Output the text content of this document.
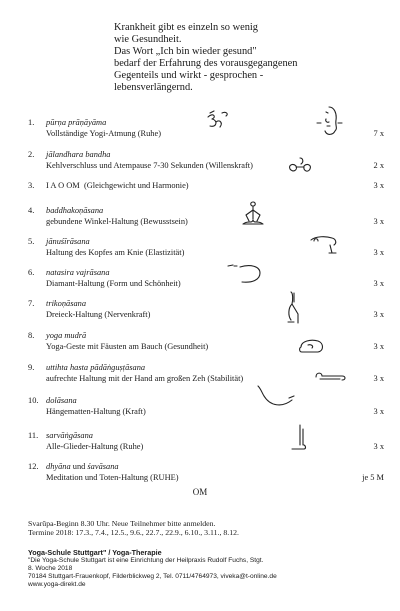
Krankheit gibt es einzeln so wenig
wie Gesundheit.
Das Wort „Ich bin wieder gesund"
bedarf der Erfahrung des vorausgegangenen
Gegenteils und wirkt - gesprochen -
lebensverlängernd.
1. pūrṇa prāṇāyāma
Vollständige Yogi-Atmung (Ruhe)	7 x
2. jālandhara bandha
Kehlverschluss und Atempause 7-30 Sekunden (Willenskraft)	2 x
3. I A O OM (Gleichgewicht und Harmonie)	3 x
4. baddhakoṇāsana
gebundene Winkel-Haltung (Bewusstsein)	3 x
5. jānuśīrāsana
Haltung des Kopfes am Knie (Elastizität)	3 x
6. natasira vajrāsana
Diamant-Haltung (Form und Schönheit)	3 x
7. trikoṇāsana
Dreieck-Haltung (Nervenkraft)	3 x
8. yoga mudrā
Yoga-Geste mit Fäusten am Bauch (Gesundheit)	3 x
9. uttihta hasta pādāṅguṣṭāsana
aufrechte Haltung mit der Hand am großen Zeh (Stabilität)	3 x
10. dolāsana
Hängematten-Haltung (Kraft)	3 x
11. sarvāṅgāsana
Alle-Glieder-Haltung (Ruhe)	3 x
12. dhyāna und śavāsana
Meditation und Toten-Haltung (RUHE)	je 5 M
OM
Svarūpa-Beginn 8.30 Uhr. Neue Teilnehmer bitte anmelden.
Termine 2018: 17.3., 7.4., 12.5., 9.6., 22.7., 22.9., 6.10., 3.11., 8.12.
Yoga-Schule Stuttgart" / Yoga-Therapie
"Die Yoga-Schule Stuttgart ist eine Einrichtung der Heilpraxis Rudolf Fuchs, Stgt.
8. Woche 2018
70184 Stuttgart-Frauenkopf, Filderblickweg 2, Tel. 0711/4764973, viveka@t-online.de
www.yoga-direkt.de
